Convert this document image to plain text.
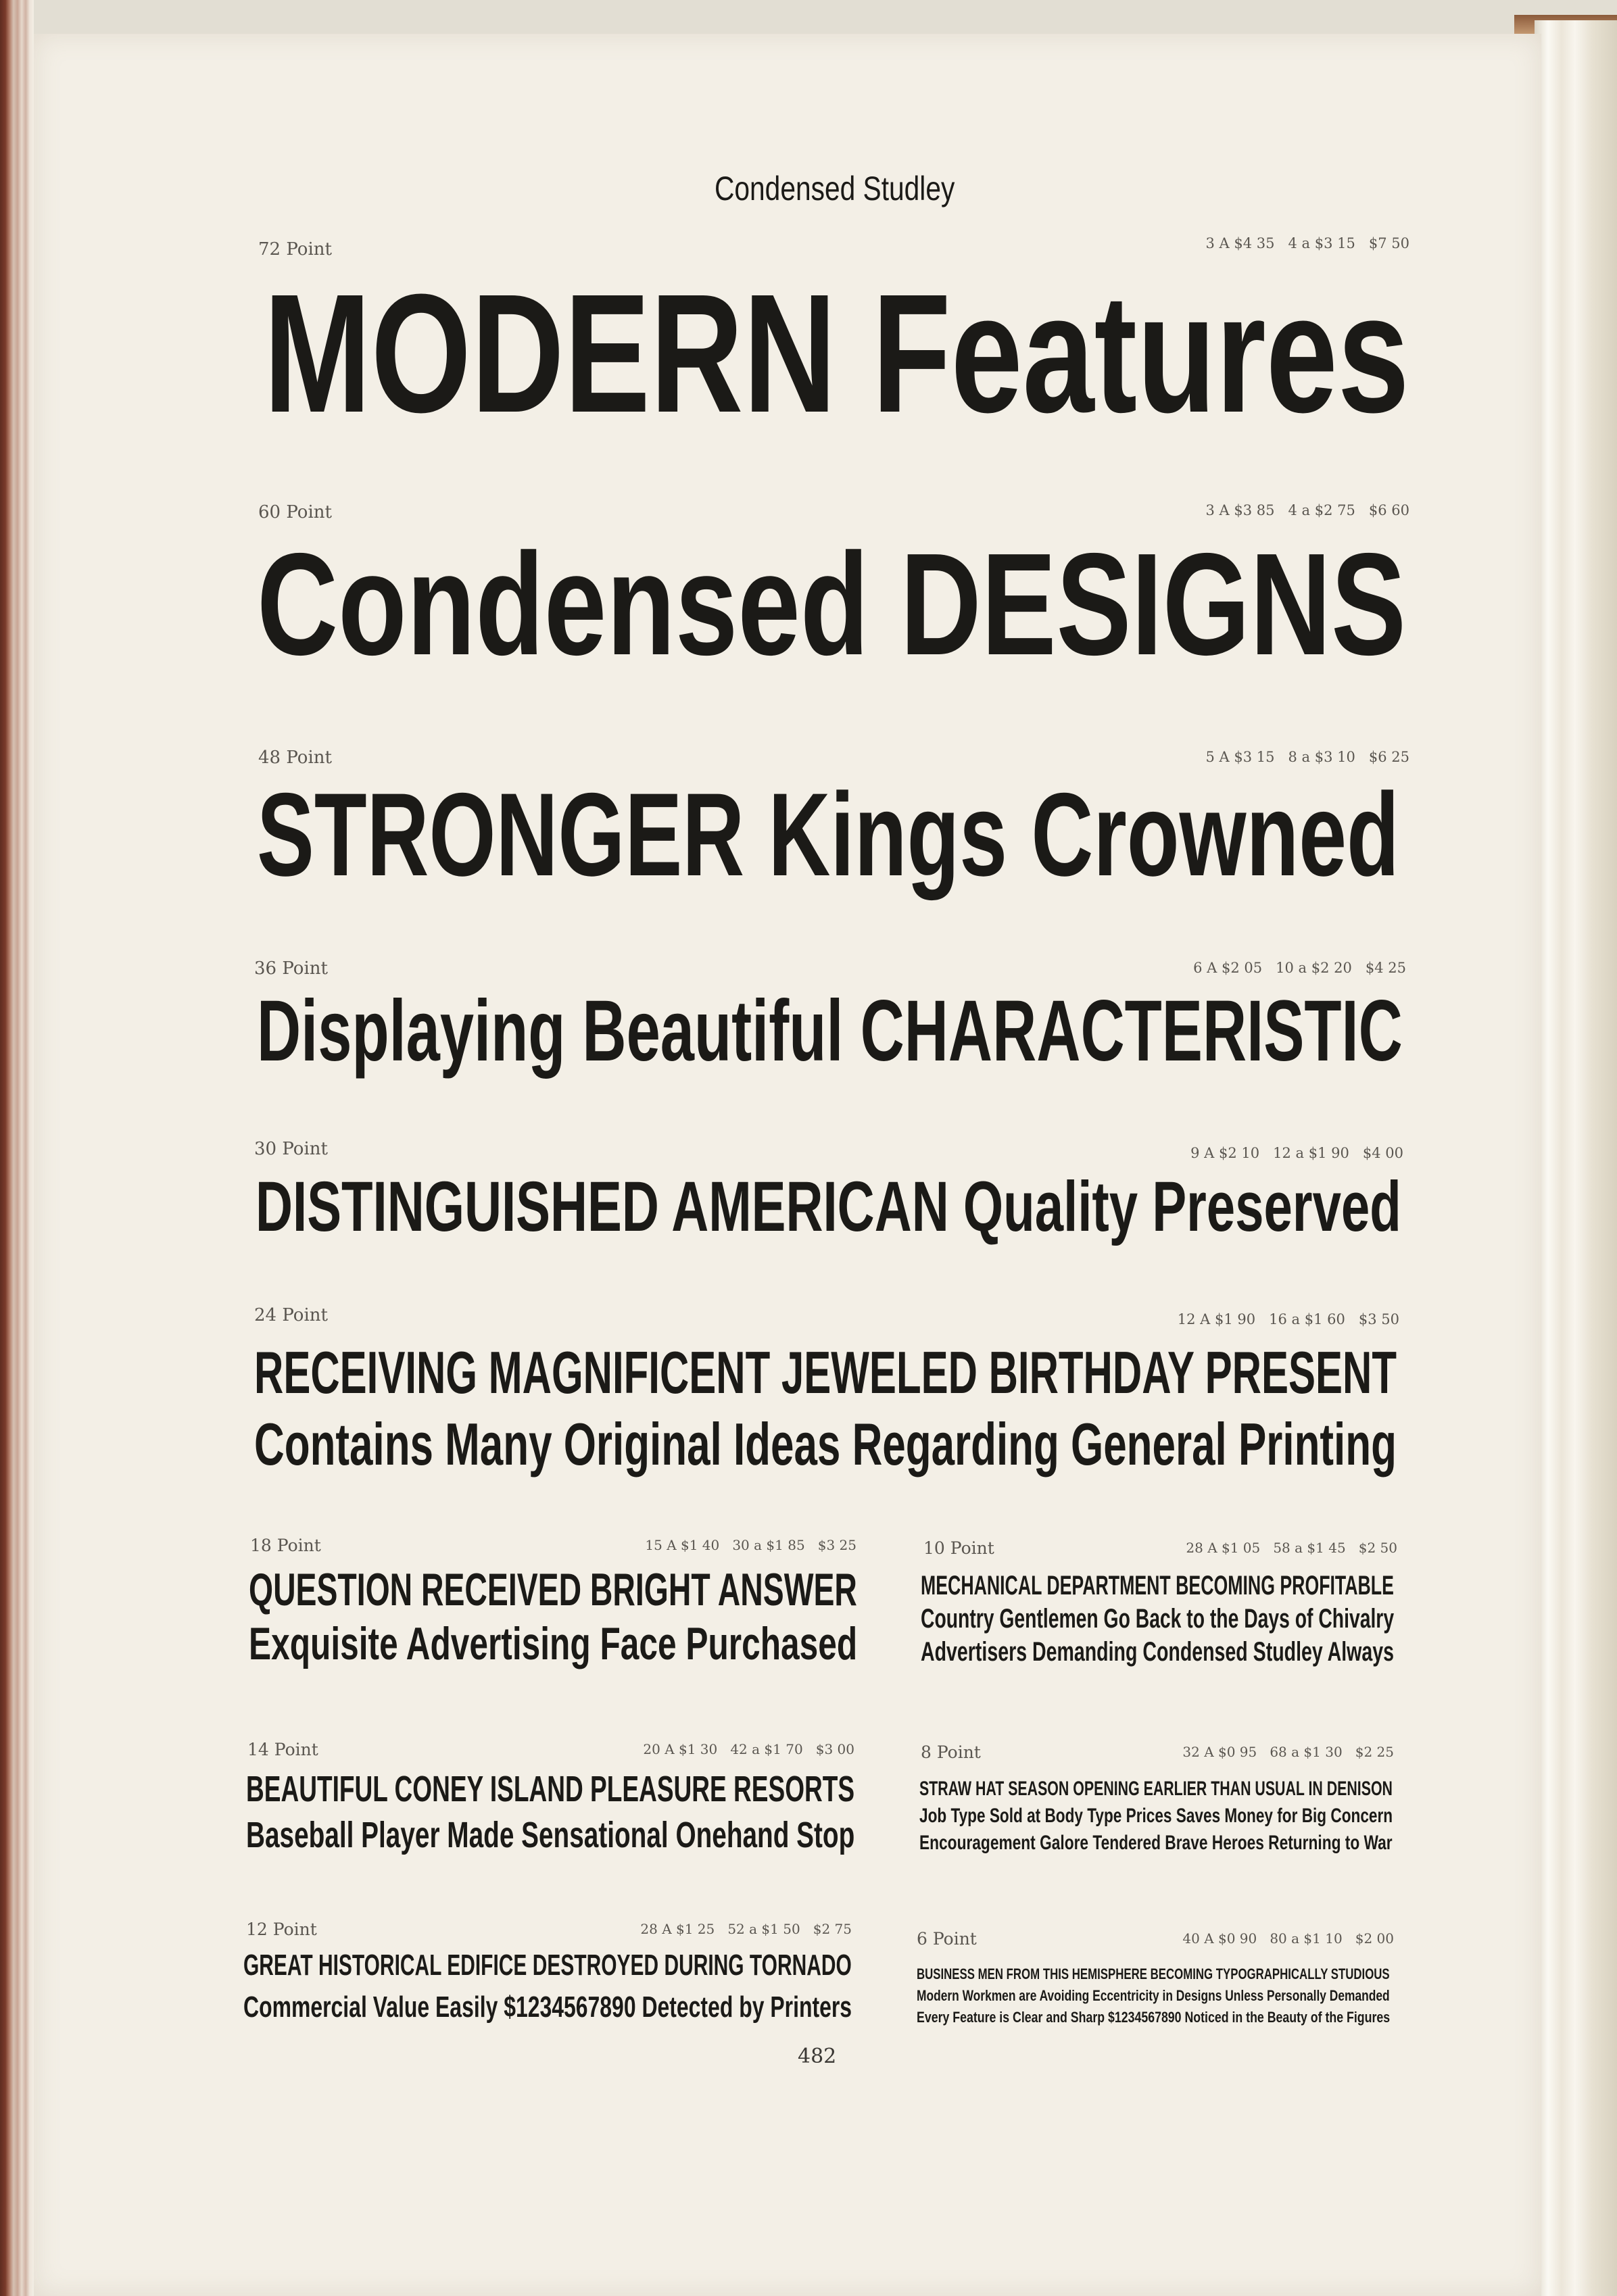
Condensed Studley
72 Point	3 A $4 35   4 a $3 15   $7 50
MODERN Features
60 Point	3 A $3 85   4 a $2 75   $6 60
Condensed DESIGNS
48 Point	5 A $3 15   8 a $3 10   $6 25
STRONGER Kings Crowned
36 Point	6 A $2 05   10 a $2 20   $4 25
Displaying Beautiful CHARACTERISTIC
30 Point	9 A $2 10   12 a $1 90   $4 00
DISTINGUISHED AMERICAN Quality Preserved
24 Point	12 A $1 90   16 a $1 60   $3 50
RECEIVING MAGNIFICENT JEWELED BIRTHDAY PRESENT
Contains Many Original Ideas Regarding General Printing
18 Point	15 A $1 40   30 a $1 85   $3 25
QUESTION RECEIVED BRIGHT ANSWER
Exquisite Advertising Face Purchased
10 Point	28 A $1 05   58 a $1 45   $2 50
MECHANICAL DEPARTMENT BECOMING PROFITABLE
Country Gentlemen Go Back to the Days of Chivalry
Advertisers Demanding Condensed Studley Always
14 Point	20 A $1 30   42 a $1 70   $3 00
BEAUTIFUL CONEY ISLAND PLEASURE RESORTS
Baseball Player Made Sensational Onehand Stop
8 Point	32 A $0 95   68 a $1 30   $2 25
STRAW HAT SEASON OPENING EARLIER THAN USUAL IN DENISON
Job Type Sold at Body Type Prices Saves Money for Big Concern
Encouragement Galore Tendered Brave Heroes Returning to War
12 Point	28 A $1 25   52 a $1 50   $2 75
GREAT HISTORICAL EDIFICE DESTROYED DURING TORNADO
Commercial Value Easily $1234567890 Detected by Printers
6 Point	40 A $0 90   80 a $1 10   $2 00
BUSINESS MEN FROM THIS HEMISPHERE BECOMING TYPOGRAPHICALLY STUDIOUS
Modern Workmen are Avoiding Eccentricity in Designs Unless Personally Demanded
Every Feature is Clear and Sharp $1234567890 Noticed in the Beauty of the Figures
482
